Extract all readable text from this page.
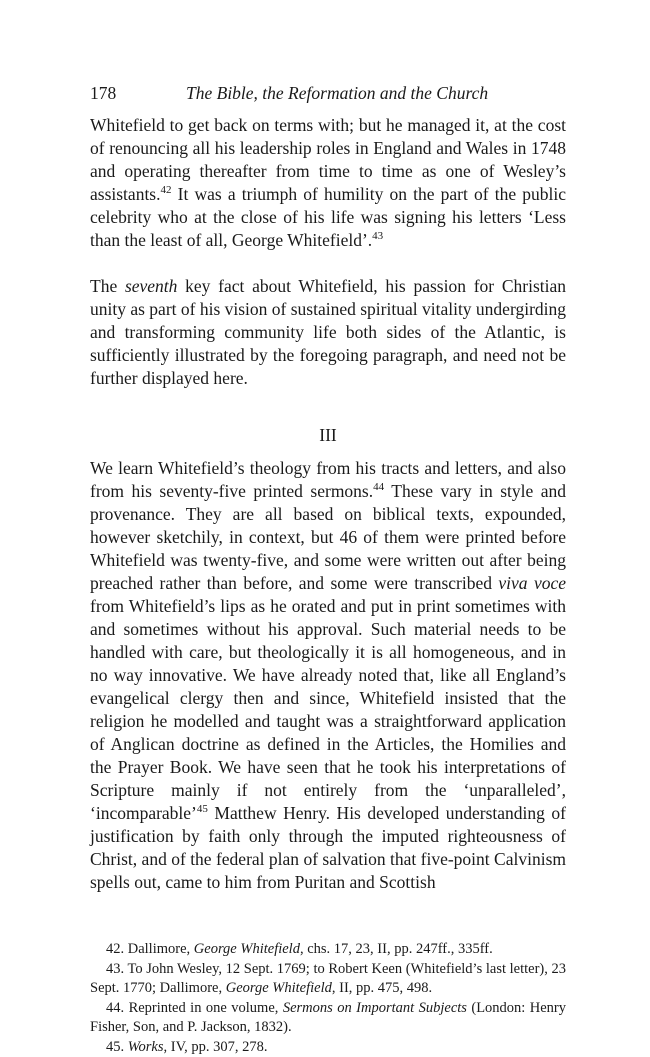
178	The Bible, the Reformation and the Church

Whitefield to get back on terms with; but he managed it, at the cost of renouncing all his leadership roles in England and Wales in 1748 and operating thereafter from time to time as one of Wesley’s assistants.$^{42}$ It was a triumph of humility on the part of the public celebrity who at the close of his life was signing his letters ‘Less than the least of all, George Whitefield’.$^{43}$

The seventh key fact about Whitefield, his passion for Christian unity as part of his vision of sustained spiritual vitality undergirding and transforming community life both sides of the Atlantic, is sufficiently illustrated by the foregoing paragraph, and need not be further displayed here.

III

We learn Whitefield’s theology from his tracts and letters, and also from his seventy-five printed sermons.$^{44}$ These vary in style and provenance. They are all based on biblical texts, expounded, however sketchily, in context, but 46 of them were printed before Whitefield was twenty-five, and some were written out after being preached rather than before, and some were transcribed viva voce from Whitefield’s lips as he orated and put in print sometimes with and sometimes without his approval. Such material needs to be handled with care, but theologically it is all homogeneous, and in no way innovative. We have already noted that, like all England’s evangelical clergy then and since, Whitefield insisted that the religion he modelled and taught was a straightforward application of Anglican doctrine as defined in the Articles, the Homilies and the Prayer Book. We have seen that he took his interpretations of Scripture mainly if not entirely from the ‘unparalleled’, ‘incomparable’$^{45}$ Matthew Henry. His developed understanding of justification by faith only through the imputed righteousness of Christ, and of the federal plan of salvation that five-point Calvinism spells out, came to him from Puritan and Scottish

42. Dallimore, George Whitefield, chs. 17, 23, II, pp. 247ff., 335ff.

43. To John Wesley, 12 Sept. 1769; to Robert Keen (Whitefield’s last letter), 23 Sept. 1770; Dallimore, George Whitefield, II, pp. 475, 498.

44. Reprinted in one volume, Sermons on Important Subjects (London: Henry Fisher, Son, and P. Jackson, 1832).

45. Works, IV, pp. 307, 278.
